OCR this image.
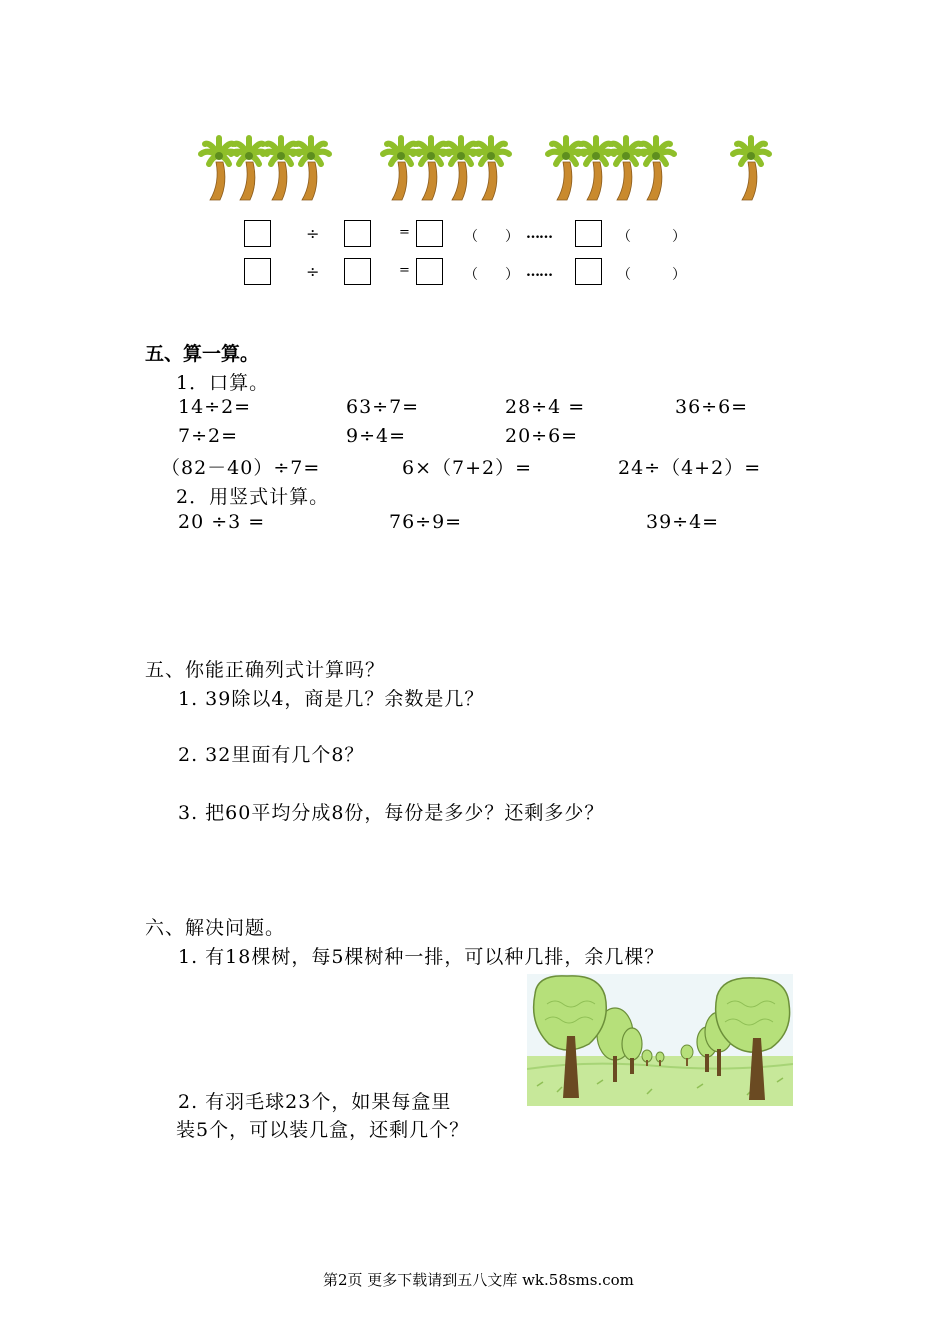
÷	=	（ ） ……	（	）
÷	=	（ ） ……	（	）
五、算一算。
1．口算。
14÷2=	63÷7=	28÷4 =	36÷6=
7÷2=	9÷4=	20÷6=
（82－40）÷7=	6×（7+2）=	24÷（4+2）=
2．用竖式计算。
20 ÷3 =	76÷9=	39÷4=
五、你能正确列式计算吗？
1. 39除以4，商是几？余数是几？
2. 32里面有几个8？
3. 把60平均分成8份，每份是多少？还剩多少？
六、解决问题。
1. 有18棵树，每5棵树种一排，可以种几排，余几棵？
2. 有羽毛球23个，如果每盒里
装5个，可以装几盒，还剩几个？
第2页 更多下载请到五八文库 wk.58sms.com
